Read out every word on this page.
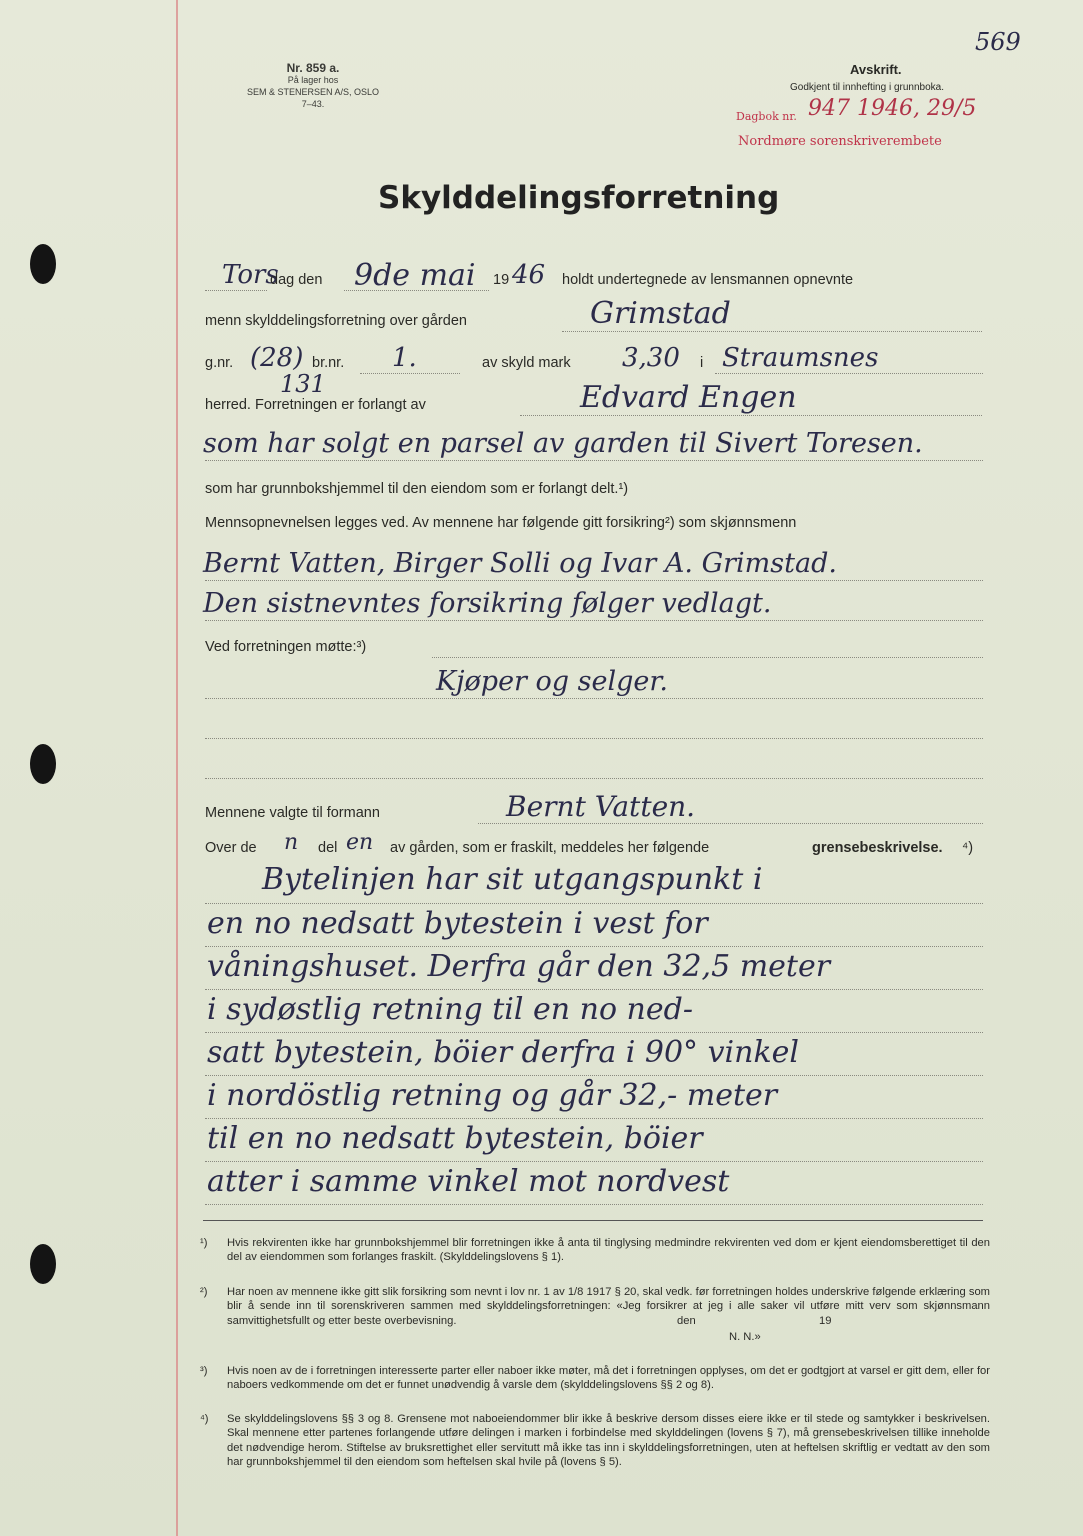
Nr. 859 a.
På lager hos
SEM & STENERSEN A/S, OSLO
7–43.
Avskrift.
Godkjent til innhefting i grunnboka.
569
Dagbok nr. 947 1946, 29/5
Nordmøre sorenskriverembete
Skylddelingsforretning
Tors
dag den 9de mai 19 46 holdt undertegnede av lensmannen opnevnte
menn skylddelingsforretning over gården	Grimstad
g.nr. (28)
131
br.nr. 1.	av skyld mark 3,30 i Straumsnes
herred. Forretningen er forlangt av	Edvard Engen
som har solgt en parsel av garden til Sivert Toresen.
som har grunnbokshjemmel til den eiendom som er forlangt delt.¹)
Mennsopnevnelsen legges ved. Av mennene har følgende gitt forsikring²) som skjønnsmenn
Bernt Vatten, Birger Solli og Ivar A. Grimstad.
Den sistnevntes forsikring følger vedlagt.
Ved forretningen møtte:³)
Kjøper og selger.
Mennene valgte til formann	Bernt Vatten.
Over de n del en av gården, som er fraskilt, meddeles her følgende	grensebeskrivelse. ⁴)
Bytelinjen har sit utgangspunkt i
en no nedsatt bytestein i vest for
våningshuset. Derfra går den 32,5 meter
i sydøstlig retning til en no ned-
satt bytestein, böier derfra i 90° vinkel
i nordöstlig retning og går 32,- meter
til en no nedsatt bytestein, böier
atter i samme vinkel mot nordvest
¹)	Hvis rekvirenten ikke har grunnbokshjemmel blir forretningen ikke å anta til tinglysing medmindre rekvirenten ved dom er kjent eiendomsberettiget til den del av eiendommen som forlanges fraskilt. (Skylddelingslovens § 1).
²)	Har noen av mennene ikke gitt slik forsikring som nevnt i lov nr. 1 av 1/8 1917 § 20, skal vedk. før forretningen holdes underskrive følgende erklæring som blir å sende inn til sorenskriveren sammen med skylddelingsforretningen: «Jeg forsikrer at jeg i alle saker vil utføre mitt verv som skjønnsmann samvittighetsfullt og etter beste overbevisning.	den	19
N. N.»
³)	Hvis noen av de i forretningen interesserte parter eller naboer ikke møter, må det i forretningen opplyses, om det er godtgjort at varsel er gitt dem, eller for naboers vedkommende om det er funnet unødvendig å varsle dem (skylddelingslovens §§ 2 og 8).
⁴)	Se skylddelingslovens §§ 3 og 8. Grensene mot naboeiendommer blir ikke å beskrive dersom disses eiere ikke er til stede og samtykker i beskrivelsen. Skal mennene etter partenes forlangende utføre delingen i marken i forbindelse med skylddelingen (lovens § 7), må grensebeskrivelsen tillike inneholde det nødvendige herom. Stiftelse av bruksrettighet eller servitutt må ikke tas inn i skylddelingsforretningen, uten at heftelsen skriftlig er vedtatt av den som har grunnbokshjemmel til den eiendom som heftelsen skal hvile på (lovens § 5).
